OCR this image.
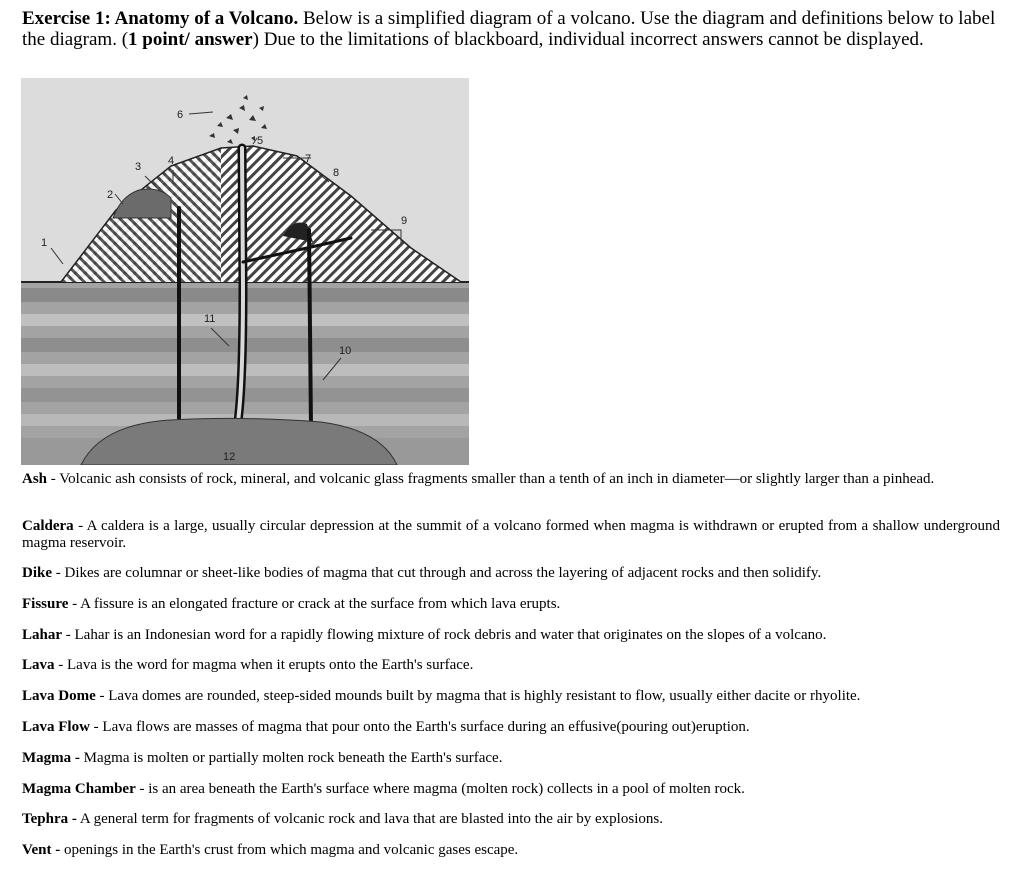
Exercise 1: Anatomy of a Volcano. Below is a simplified diagram of a volcano. Use the diagram and definitions below to label the diagram. (1 point/ answer) Due to the limitations of blackboard, individual incorrect answers cannot be displayed.
1
2
3 4
5
6
7
8
9
10
11
12
Ash - Volcanic ash consists of rock, mineral, and volcanic glass fragments smaller than a tenth of an inch in diameter—or slightly larger than a pinhead.
Caldera - A caldera is a large, usually circular depression at the summit of a volcano formed when magma is withdrawn or erupted from a shallow underground magma reservoir.
Dike - Dikes are columnar or sheet-like bodies of magma that cut through and across the layering of adjacent rocks and then solidify.
Fissure - A fissure is an elongated fracture or crack at the surface from which lava erupts.
Lahar - Lahar is an Indonesian word for a rapidly flowing mixture of rock debris and water that originates on the slopes of a volcano.
Lava - Lava is the word for magma when it erupts onto the Earth's surface.
Lava Dome - Lava domes are rounded, steep-sided mounds built by magma that is highly resistant to flow, usually either dacite or rhyolite.
Lava Flow - Lava flows are masses of magma that pour onto the Earth's surface during an effusive(pouring out)eruption.
Magma - Magma is molten or partially molten rock beneath the Earth's surface.
Magma Chamber - is an area beneath the Earth's surface where magma (molten rock) collects in a pool of molten rock.
Tephra - A general term for fragments of volcanic rock and lava that are blasted into the air by explosions.
Vent - openings in the Earth's crust from which magma and volcanic gases escape.
